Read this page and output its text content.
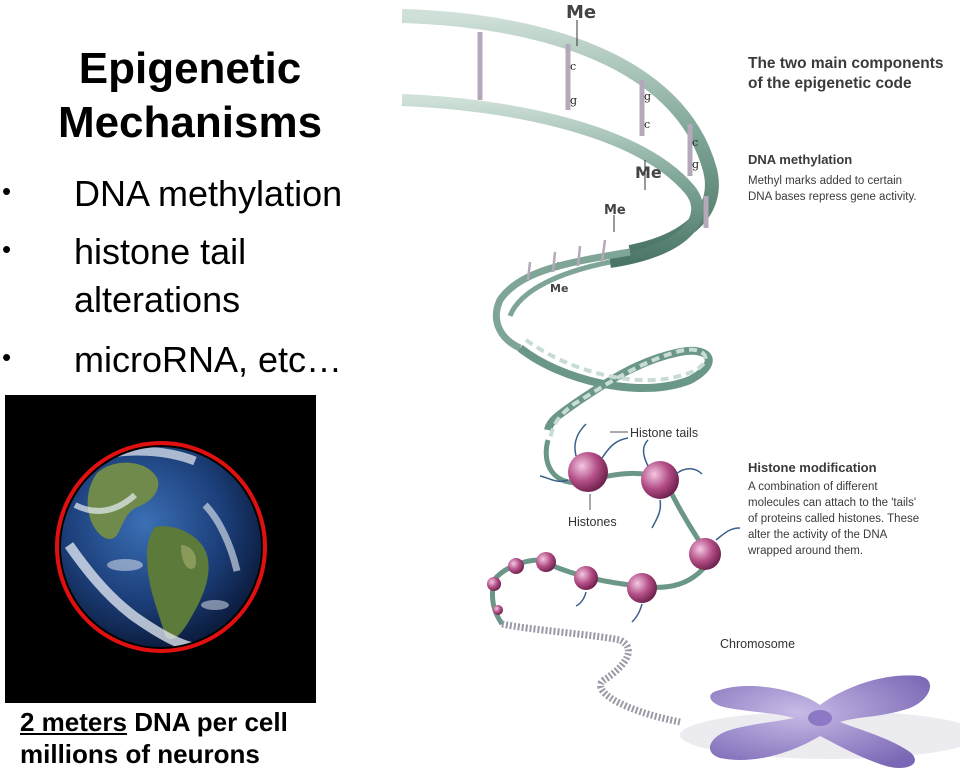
Epigenetic
Mechanisms
• DNA methylation
• histone tail
alterations
• microRNA, etc…
2 meters DNA per cell
millions of neurons
c
g	g
c
c
g
Me
Me
Me
Me
Histone tails
Histones
Chromosome
The two main components
of the epigenetic code
DNA methylation
Methyl marks added to certain
DNA bases repress gene activity.
Histone modification
A combination of different
molecules can attach to the 'tails'
of proteins called histones. These
alter the activity of the DNA
wrapped around them.
